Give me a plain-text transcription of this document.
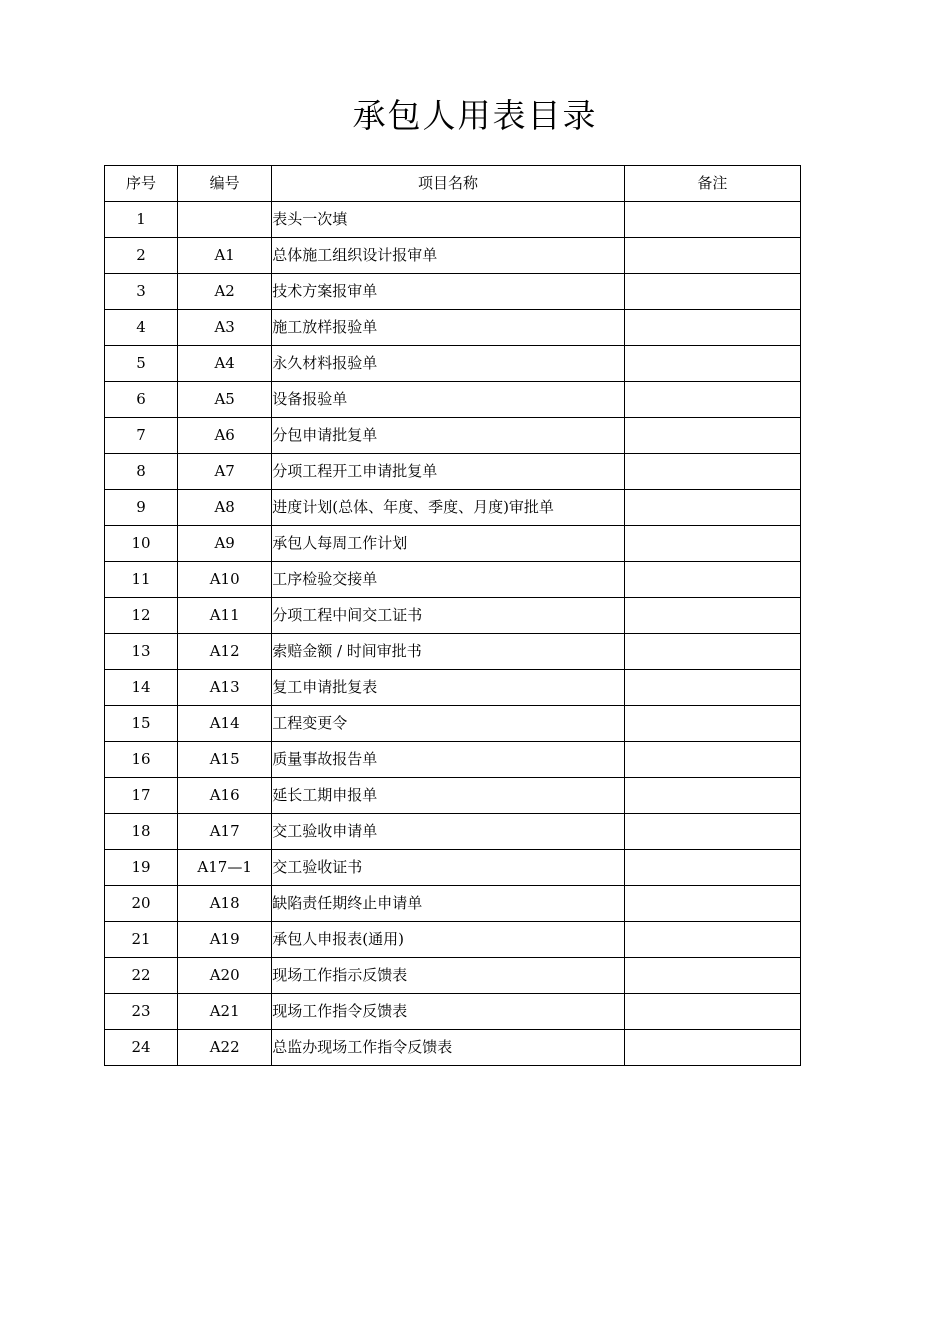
承包人用表目录
序号	编号	项目名称	备注
1		表头一次填	
2	A1	总体施工组织设计报审单	
3	A2	技术方案报审单	
4	A3	施工放样报验单	
5	A4	永久材料报验单	
6	A5	设备报验单	
7	A6	分包申请批复单	
8	A7	分项工程开工申请批复单	
9	A8	进度计划(总体、年度、季度、月度)审批单	
10	A9	承包人每周工作计划	
11	A10	工序检验交接单	
12	A11	分项工程中间交工证书	
13	A12	索赔金额 / 时间审批书	
14	A13	复工申请批复表	
15	A14	工程变更令	
16	A15	质量事故报告单	
17	A16	延长工期申报单	
18	A17	交工验收申请单	
19	A17—1	交工验收证书	
20	A18	缺陷责任期终止申请单	
21	A19	承包人申报表(通用)	
22	A20	现场工作指示反馈表	
23	A21	现场工作指令反馈表	
24	A22	总监办现场工作指令反馈表	
